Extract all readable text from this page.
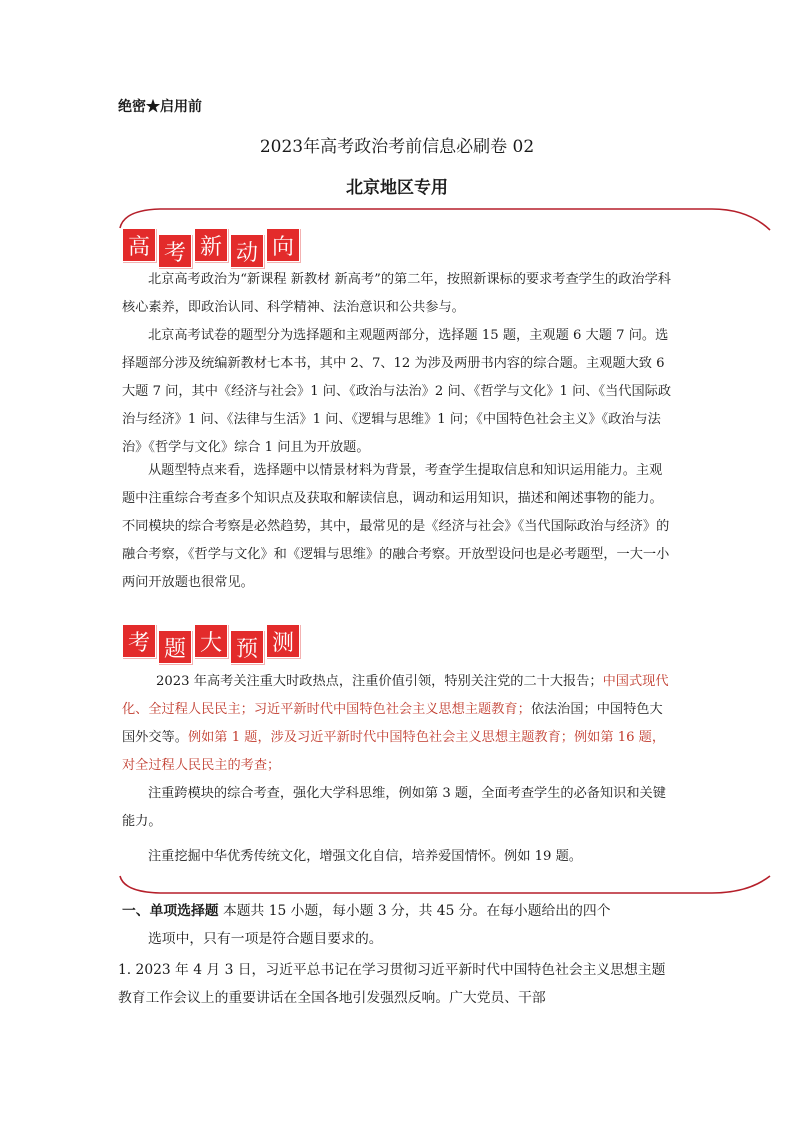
绝密★启用前
2023年高考政治考前信息必刷卷 02
北京地区专用
高 考 新 动 向

北京高考政治为“新课程 新教材 新高考”的第二年，按照新课标的要求考查学生的政治学科核心素养，即政治认同、科学精神、法治意识和公共参与。

北京高考试卷的题型分为选择题和主观题两部分，选择题 15 题，主观题 6 大题 7 问。选择题部分涉及统编新教材七本书，其中 2、7、12 为涉及两册书内容的综合题。主观题大致 6 大题 7 问，其中《经济与社会》1 问、《政治与法治》2 问、《哲学与文化》1 问、《当代国际政治与经济》1 问、《法律与生活》1 问、《逻辑与思维》1 问；《中国特色社会主义》《政治与法治》《哲学与文化》综合 1 问且为开放题。

从题型特点来看，选择题中以情景材料为背景，考查学生提取信息和知识运用能力。主观题中注重综合考查多个知识点及获取和解读信息，调动和运用知识，描述和阐述事物的能力。不同模块的综合考察是必然趋势，其中，最常见的是《经济与社会》《当代国际政治与经济》的融合考察，《哲学与文化》和《逻辑与思维》的融合考察。开放型设问也是必考题型，一大一小两问开放题也很常见。

考 题 大 预 测

2023 年高考关注重大时政热点，注重价值引领，特别关注党的二十大报告；中国式现代化、全过程人民民主；习近平新时代中国特色社会主义思想主题教育；依法治国；中国特色大国外交等。例如第 1 题，涉及习近平新时代中国特色社会主义思想主题教育；例如第 16 题，对全过程人民民主的考查；

注重跨模块的综合考查，强化大学科思维，例如第 3 题，全面考查学生的必备知识和关键能力。

注重挖掘中华优秀传统文化，增强文化自信，培养爱国情怀。例如 19 题。

一、单项选择题 本题共 15 小题，每小题 3 分，共 45 分。在每小题给出的四个
选项中，只有一项是符合题目要求的。
1. 2023 年 4 月 3 日，习近平总书记在学习贯彻习近平新时代中国特色社会主义思想主题教育工作会议上的重要讲话在全国各地引发强烈反响。广大党员、干部
